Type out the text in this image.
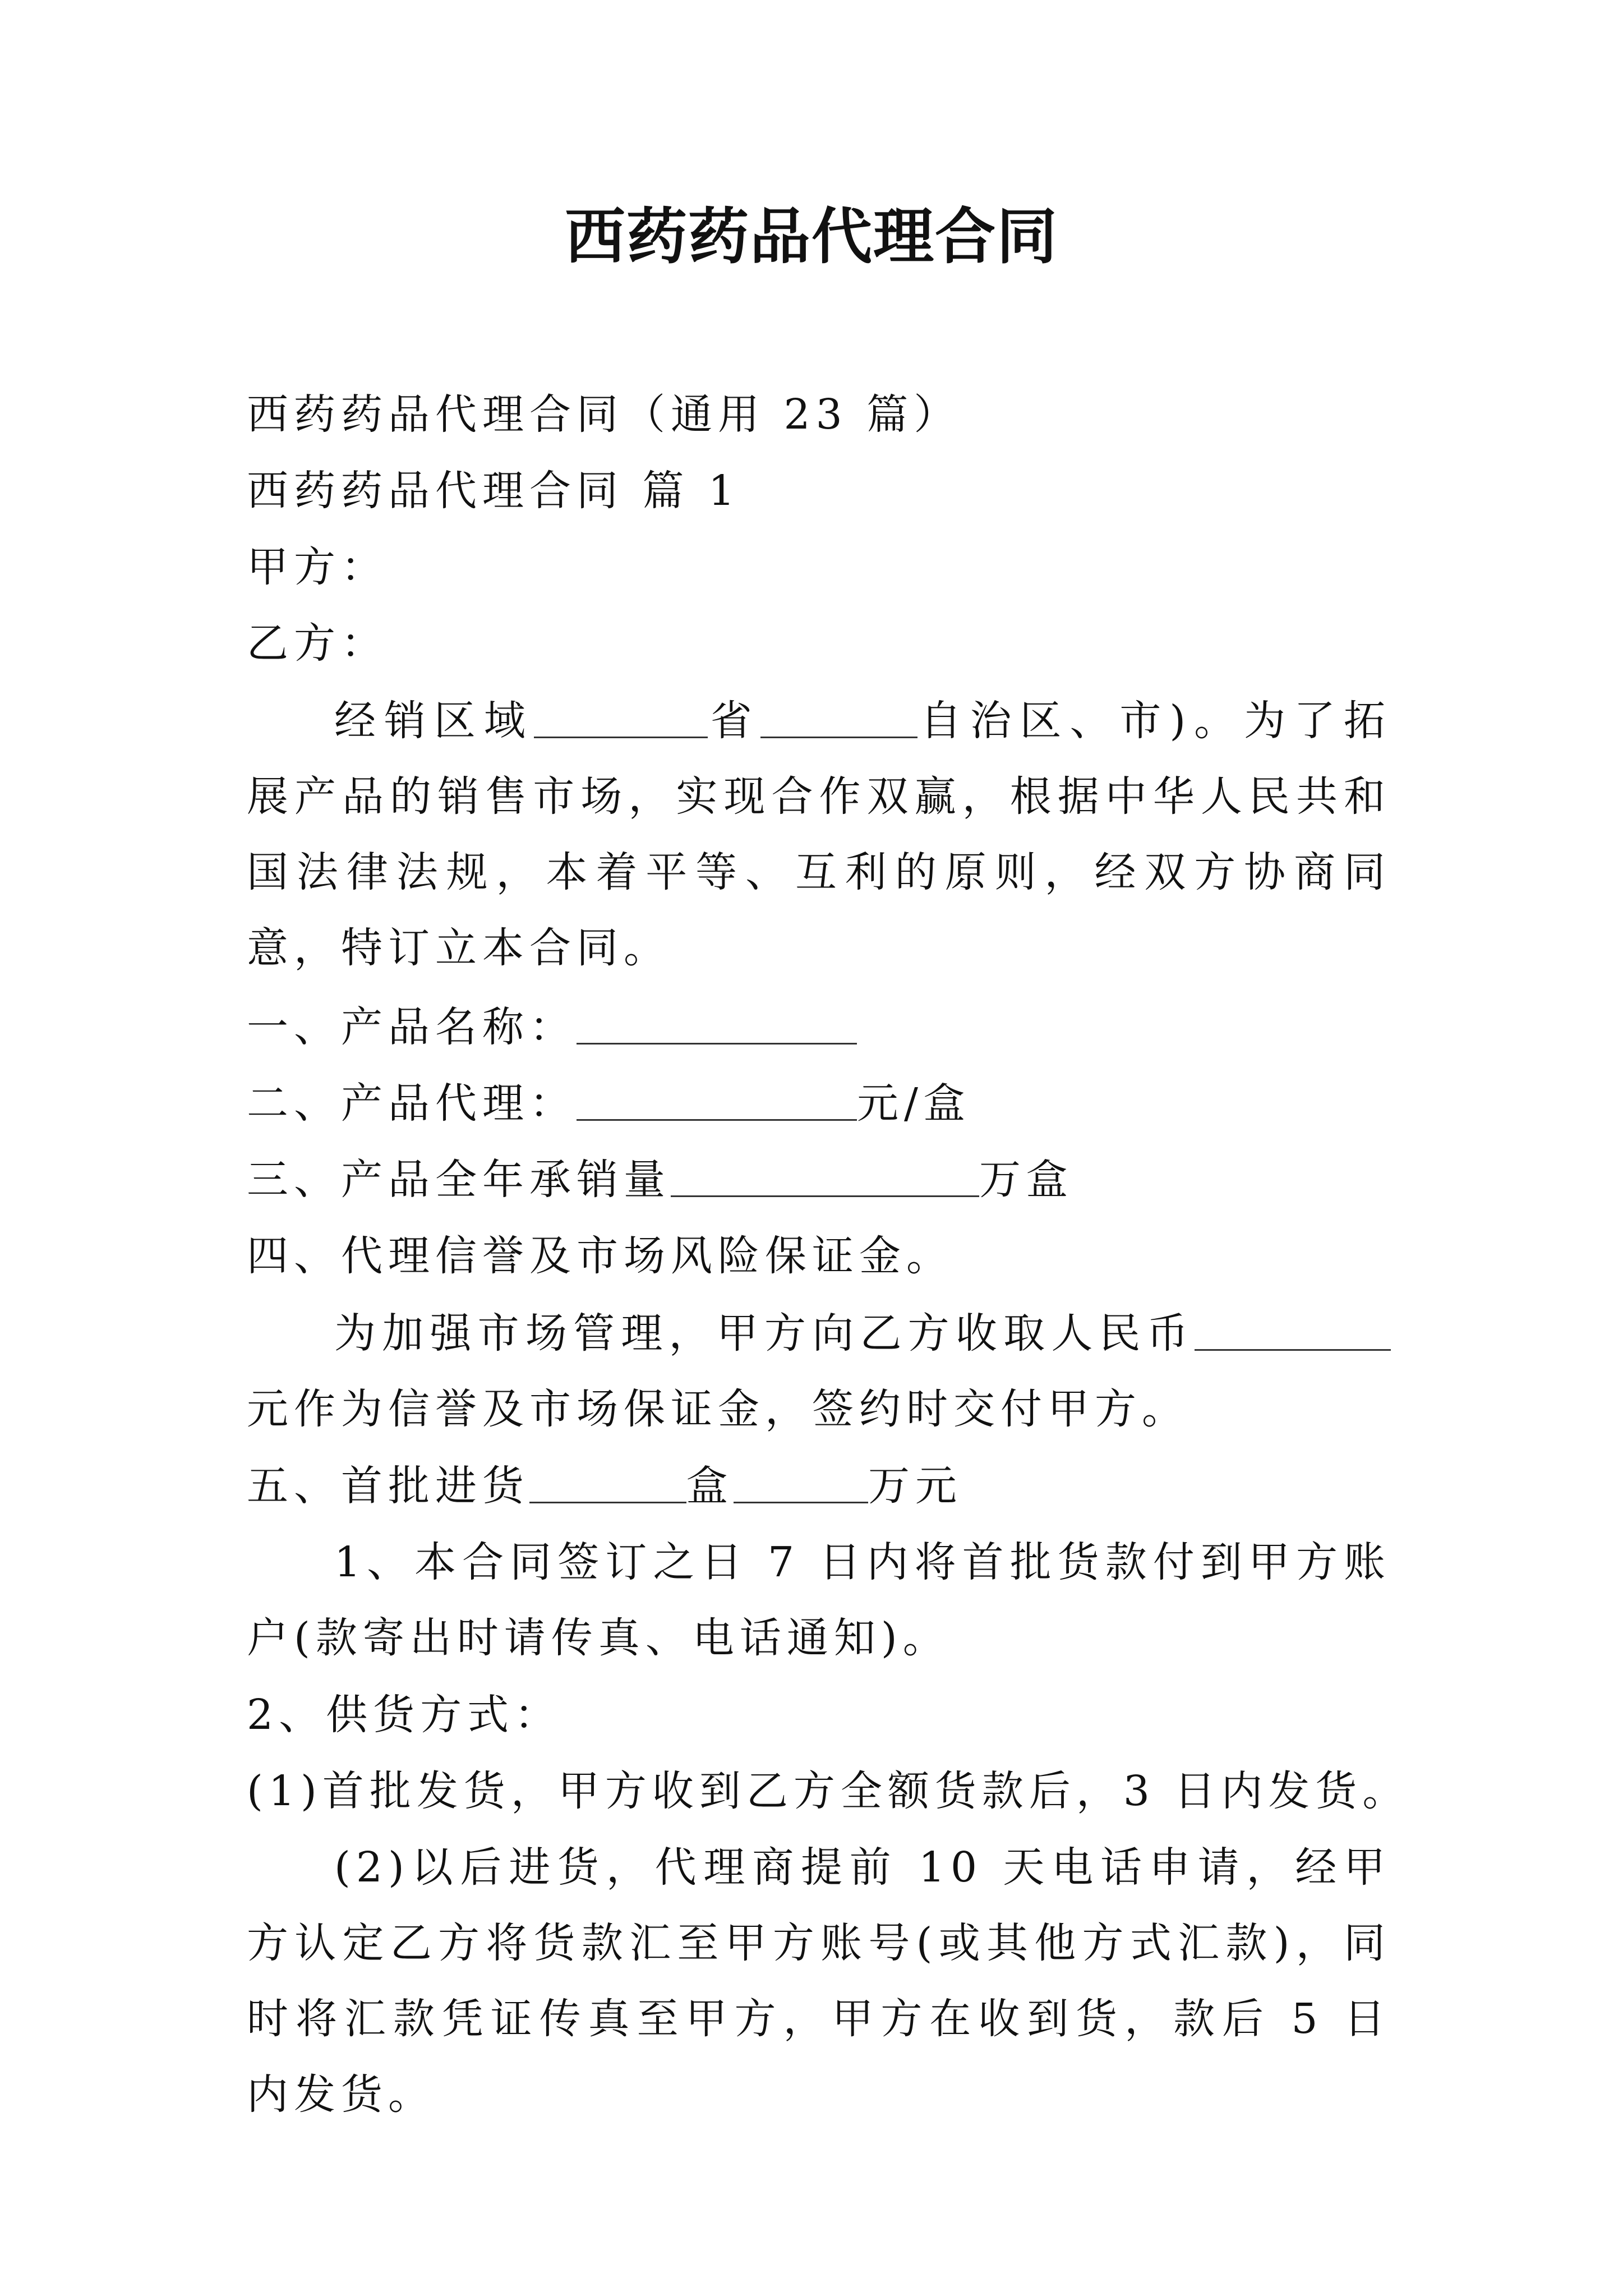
西药药品代理合同
西药药品代理合同（通用 23 篇）
西药药品代理合同 篇 1
甲方：
乙方：
经销区域	省	自治区、市)。为了拓展产品的销售市场，实现合作双赢，根据中华人民共和国法律法规，本着平等、互利的原则，经双方协商同意，特订立本合同。
一、产品名称：
二、产品代理：	元/盒
三、产品全年承销量	万盒
四、代理信誉及市场风险保证金。
为加强市场管理，甲方向乙方收取人民币元作为信誉及市场保证金，签约时交付甲方。
五、首批进货	盒	万元
1、本合同签订之日 7 日内将首批货款付到甲方账户(款寄出时请传真、电话通知)。
2、供货方式：
(1)首批发货，甲方收到乙方全额货款后，3 日内发货。
(2)以后进货，代理商提前 10 天电话申请，经甲方认定乙方将货款汇至甲方账号(或其他方式汇款)，同时将汇款凭证传真至甲方，甲方在收到货，款后 5 日内发货。
